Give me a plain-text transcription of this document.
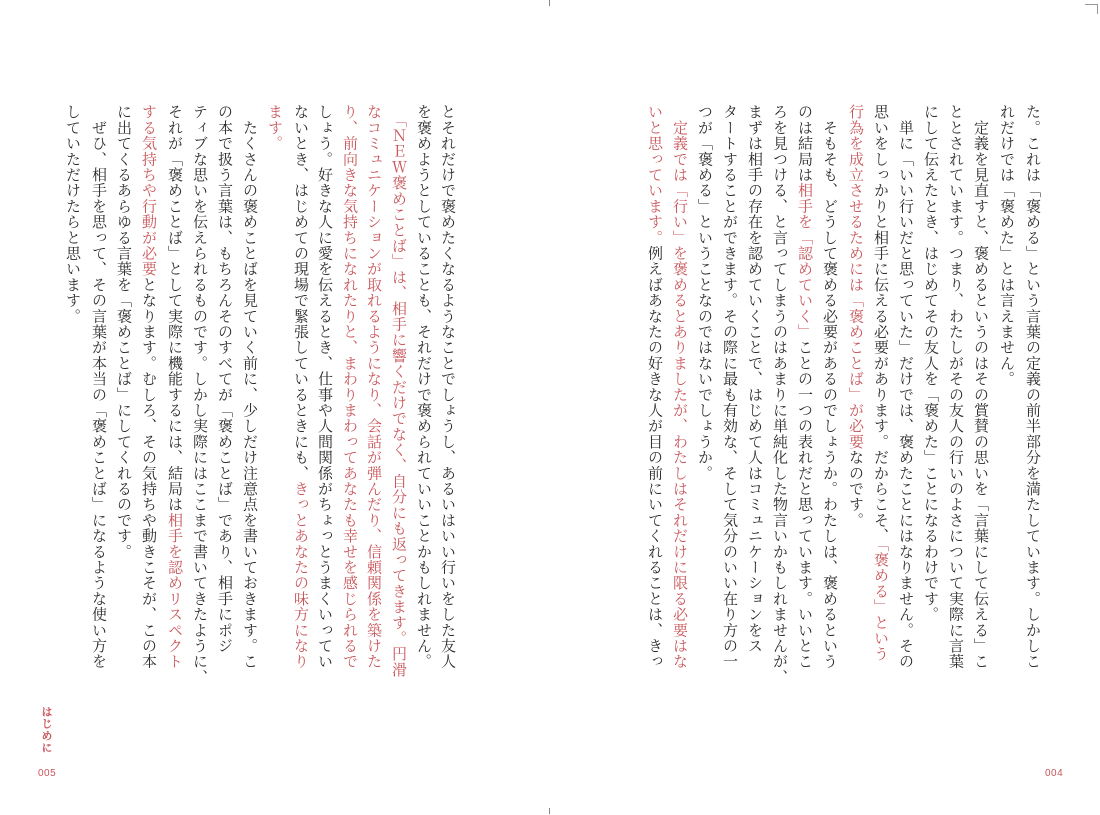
た。これは「褒める」という言葉の定義の前半部分を満たしています。しかしこ
れだけでは「褒めた」とは言えません。
　定義を見直すと、褒めるというのはその賞賛の思いを「言葉にして伝える」こ
ととされています。つまり、わたしがその友人の行いのよさについて実際に言葉
にして伝えたとき、はじめてその友人を「褒めた」ことになるわけです。
　単に「いい行いだと思っていた」だけでは、褒めたことにはなりません。その
思いをしっかりと相手に伝える必要があります。だからこそ、「褒める」という
行為を成立させるためには「褒めことば」が必要なのです。
　そもそも、どうして褒める必要があるのでしょうか。わたしは、褒めるという
のは結局は相手を「認めていく」ことの一つの表れだと思っています。いいとこ
ろを見つける、と言ってしまうのはあまりに単純化した物言いかもしれませんが、
まずは相手の存在を認めていくことで、はじめて人はコミュニケーションをス
タートすることができます。その際に最も有効な、そして気分のいい在り方の一
つが「褒める」ということなのではないでしょうか。
　定義では「行い」を褒めるとありましたが、わたしはそれだけに限る必要はな
いと思っています。例えばあなたの好きな人が目の前にいてくれることは、きっ
とそれだけで褒めたくなるようなことでしょうし、あるいはいい行いをした友人
を褒めようとしていることも、それだけで褒められていいことかもしれません。
　「ＮＥＷ褒めことば」は、相手に響くだけでなく、自分にも返ってきます。円滑
なコミュニケーションが取れるようになり、会話が弾んだり、信頼関係を築けた
り、前向きな気持ちになれたりと、まわりまわってあなたも幸せを感じられるで
しょう。好きな人に愛を伝えるとき、仕事や人間関係がちょっとうまくいってい
ないとき、はじめての現場で緊張しているときにも、きっとあなたの味方になり
ます。
　たくさんの褒めことばを見ていく前に、少しだけ注意点を書いておきます。こ
の本で扱う言葉は、もちろんそのすべてが「褒めことば」であり、相手にポジ
ティブな思いを伝えられるものです。しかし実際にはここまで書いてきたように、
それが「褒めことば」として実際に機能するには、結局は相手を認めリスペクト
する気持ちや行動が必要となります。むしろ、その気持ちや動きこそが、この本
に出てくるあらゆる言葉を「褒めことば」にしてくれるのです。
　ぜひ、相手を思って、その言葉が本当の「褒めことば」になるような使い方を
していただけたらと思います。
はじめに
005	004
